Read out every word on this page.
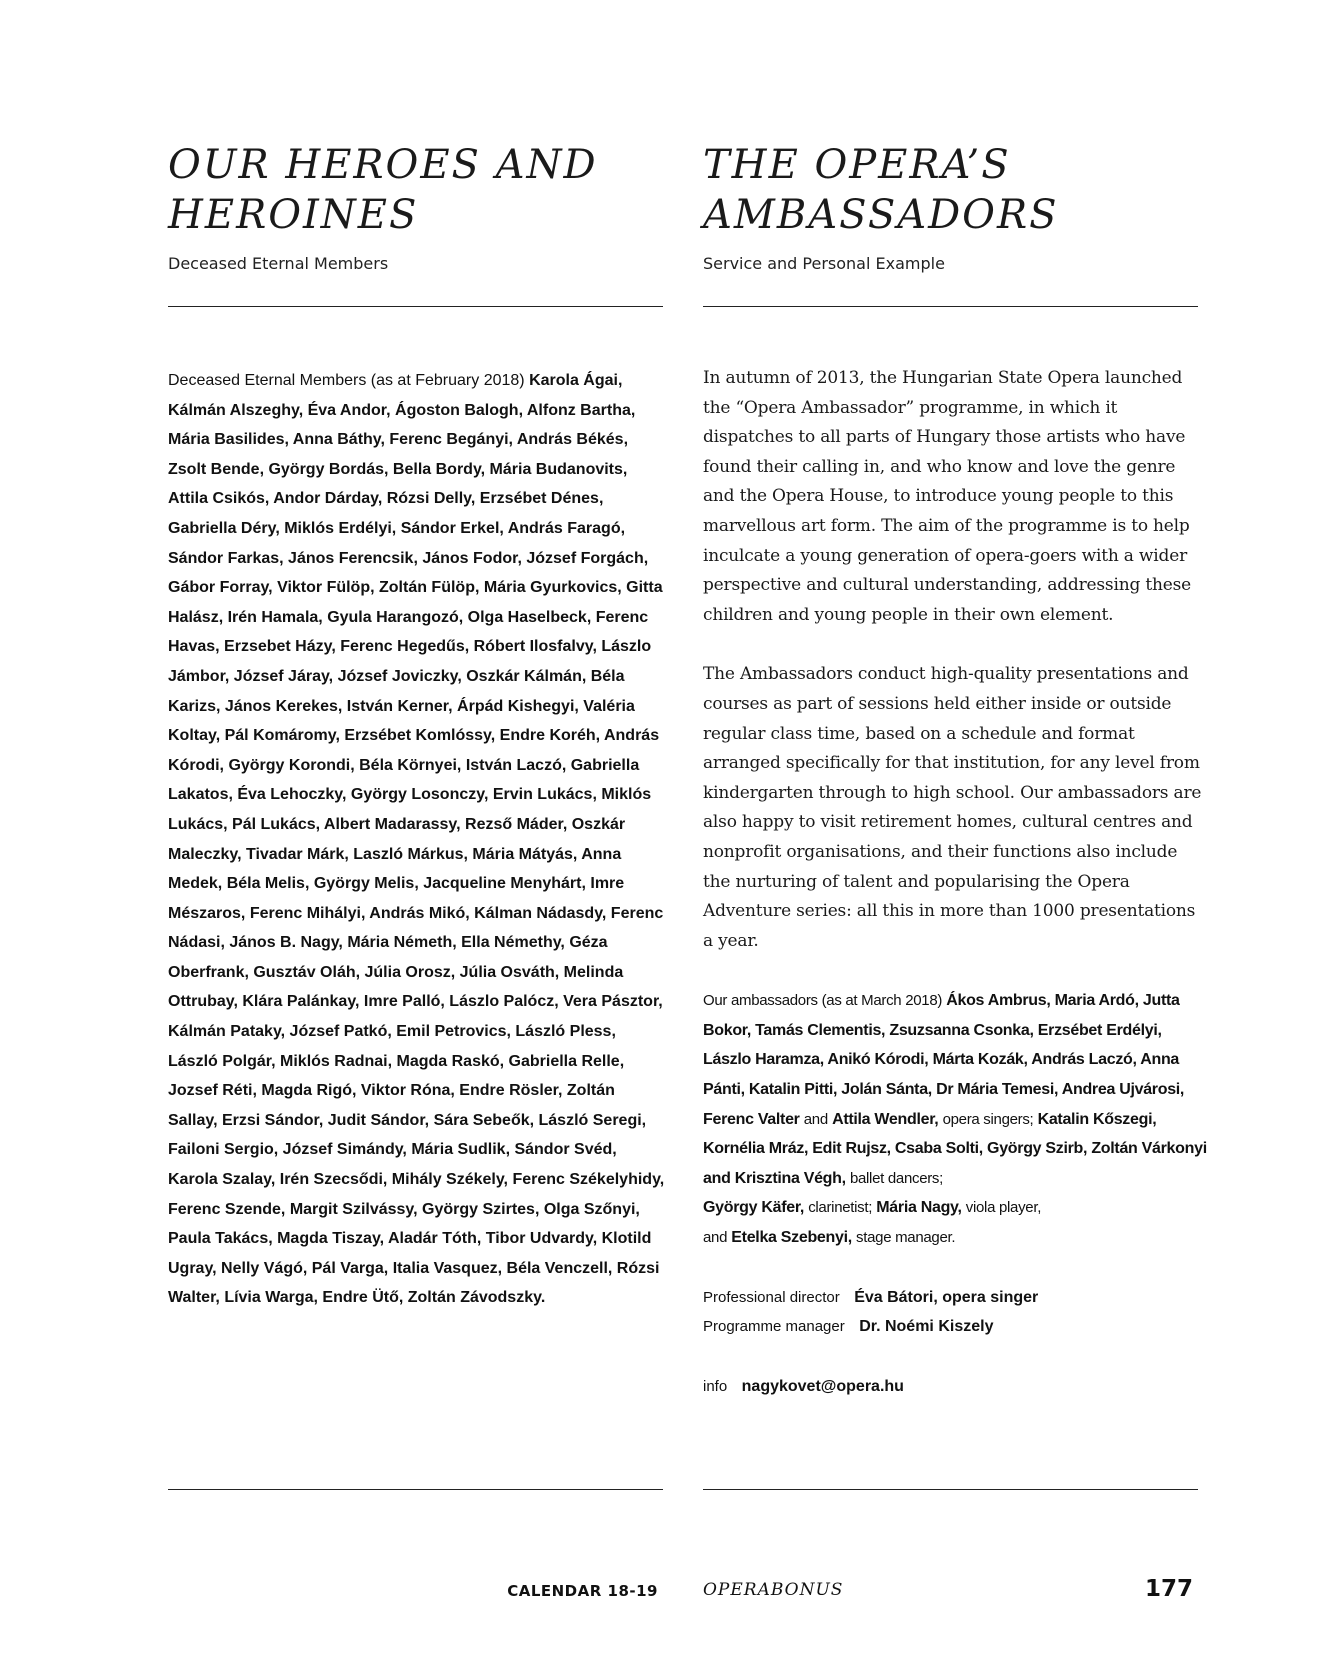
OUR HEROES AND
HEROINES
Deceased Eternal Members
THE OPERA’S
AMBASSADORS
Service and Personal Example
Deceased Eternal Members (as at February 2018) Karola Ágai, Kálmán Alszeghy, Éva Andor, Ágoston Balogh, Alfonz Bartha, Mária Basilides, Anna Báthy, Ferenc Begányi, András Békés, Zsolt Bende, György Bordás, Bella Bordy, Mária Budanovits, Attila Csikós, Andor Dárday, Rózsi Delly, Erzsébet Dénes, Gabriella Déry, Miklós Erdélyi, Sándor Erkel, András Faragó, Sándor Farkas, János Ferencsik, János Fodor, József Forgách, Gábor Forray, Viktor Fülöp, Zoltán Fülöp, Mária Gyurkovics, Gitta Halász, Irén Hamala, Gyula Harangozó, Olga Haselbeck, Ferenc Havas, Erzsebet Házy, Ferenc Hegedűs, Róbert Ilosfalvy, Lászlo Jámbor, József Járay, József Joviczky, Oszkár Kálmán, Béla Karizs, János Kerekes, István Kerner, Árpád Kishegyi, Valéria Koltay, Pál Komáromy, Erzsébet Komlóssy, Endre Koréh, András Kórodi, György Korondi, Béla Környei, István Laczó, Gabriella Lakatos, Éva Lehoczky, György Losonczy, Ervin Lukács, Miklós Lukács, Pál Lukács, Albert Madarassy, Rezső Máder, Oszkár Maleczky, Tivadar Márk, Laszló Márkus, Mária Mátyás, Anna Medek, Béla Melis, György Melis, Jacqueline Menyhárt, Imre Mészaros, Ferenc Mihályi, András Mikó, Kálman Nádasdy, Ferenc Nádasi, János B. Nagy, Mária Németh, Ella Némethy, Géza Oberfrank, Gusztáv Oláh, Júlia Orosz, Júlia Osváth, Melinda Ottrubay, Klára Palánkay, Imre Palló, Lászlo Palócz, Vera Pásztor, Kálmán Pataky, József Patkó, Emil Petrovics, László Pless, László Polgár, Miklós Radnai, Magda Raskó, Gabriella Relle, Jozsef Réti, Magda Rigó, Viktor Róna, Endre Rösler, Zoltán Sallay, Erzsi Sándor, Judit Sándor, Sára Sebeők, László Seregi, Failoni Sergio, József Simándy, Mária Sudlik, Sándor Svéd, Karola Szalay, Irén Szecsődi, Mihály Székely, Ferenc Székelyhidy, Ferenc Szende, Margit Szilvássy, György Szirtes, Olga Szőnyi, Paula Takács, Magda Tiszay, Aladár Tóth, Tibor Udvardy, Klotild Ugray, Nelly Vágó, Pál Varga, Italia Vasquez, Béla Venczell, Rózsi Walter, Lívia Warga, Endre Ütő, Zoltán Závodszky.

In autumn of 2013, the Hungarian State Opera launched the “Opera Ambassador” programme, in which it dispatches to all parts of Hungary those artists who have found their calling in, and who know and love the genre and the Opera House, to introduce young people to this marvellous art form. The aim of the programme is to help inculcate a young generation of opera-goers with a wider perspective and cultural understanding, addressing these children and young people in their own element.

The Ambassadors conduct high-quality presentations and courses as part of sessions held either inside or outside regular class time, based on a schedule and format arranged specifically for that institution, for any level from kindergarten through to high school. Our ambassadors are also happy to visit retirement homes, cultural centres and nonprofit organisations, and their functions also include the nurturing of talent and popularising the Opera Adventure series: all this in more than 1000 presentations a year.

Our ambassadors (as at March 2018) Ákos Ambrus, Maria Ardó, Jutta Bokor, Tamás Clementis, Zsuzsanna Csonka, Erzsébet Erdélyi, Lászlo Haramza, Anikó Kórodi, Márta Kozák, András Laczó, Anna Pánti, Katalin Pitti, Jolán Sánta, Dr Mária Temesi, Andrea Ujvárosi, Ferenc Valter and Attila Wendler, opera singers; Katalin Kőszegi, Kornélia Mráz, Edit Rujsz, Csaba Solti, György Szirb, Zoltán Várkonyi and Krisztina Végh, ballet dancers;
György Käfer, clarinetist; Mária Nagy, viola player,
and Etelka Szebenyi, stage manager.
Professional director Éva Bátori, opera singer
Programme manager Dr. Noémi Kiszely
info nagykovet@opera.hu
CALENDAR 18-19	OPERABONUS	177
